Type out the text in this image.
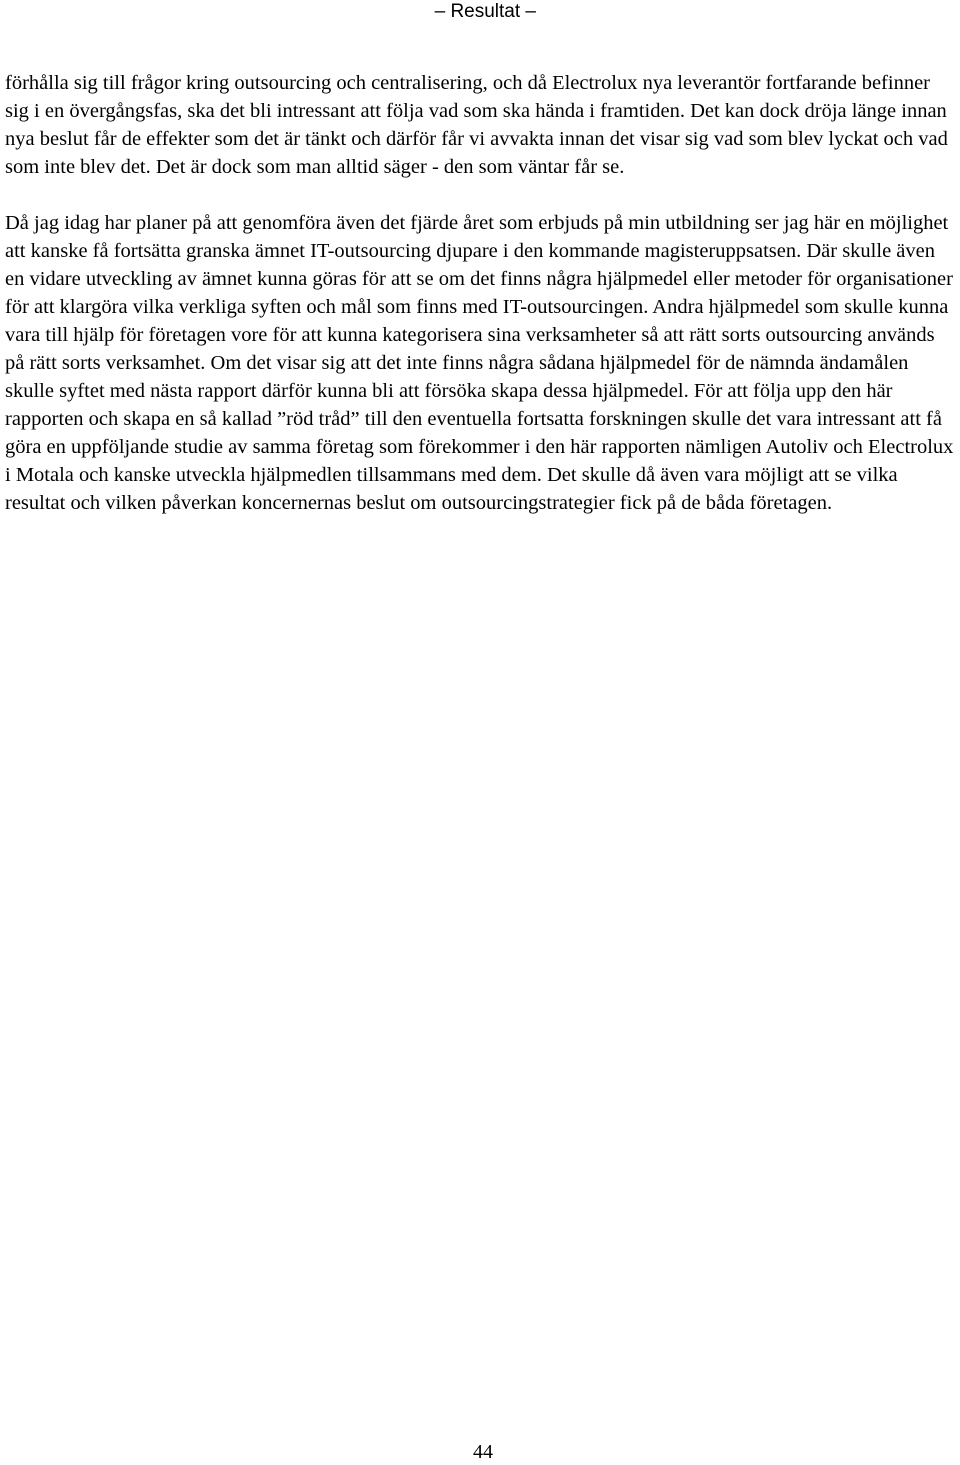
– Resultat –

förhålla sig till frågor kring outsourcing och centralisering, och då Electrolux nya leverantör fortfarande befinner sig i en övergångsfas, ska det bli intressant att följa vad som ska hända i framtiden. Det kan dock dröja länge innan nya beslut får de effekter som det är tänkt och därför får vi avvakta innan det visar sig vad som blev lyckat och vad som inte blev det. Det är dock som man alltid säger - den som väntar får se.

Då jag idag har planer på att genomföra även det fjärde året som erbjuds på min utbildning ser jag här en möjlighet att kanske få fortsätta granska ämnet IT-outsourcing djupare i den kommande magisteruppsatsen. Där skulle även en vidare utveckling av ämnet kunna göras för att se om det finns några hjälpmedel eller metoder för organisationer för att klargöra vilka verkliga syften och mål som finns med IT-outsourcingen. Andra hjälpmedel som skulle kunna vara till hjälp för företagen vore för att kunna kategorisera sina verksamheter så att rätt sorts outsourcing används på rätt sorts verksamhet. Om det visar sig att det inte finns några sådana hjälpmedel för de nämnda ändamålen skulle syftet med nästa rapport därför kunna bli att försöka skapa dessa hjälpmedel. För att följa upp den här rapporten och skapa en så kallad ”röd tråd” till den eventuella fortsatta forskningen skulle det vara intressant att få göra en uppföljande studie av samma företag som förekommer i den här rapporten nämligen Autoliv och Electrolux i Motala och kanske utveckla hjälpmedlen tillsammans med dem. Det skulle då även vara möjligt att se vilka resultat och vilken påverkan koncernernas beslut om outsourcingstrategier fick på de båda företagen.

44
